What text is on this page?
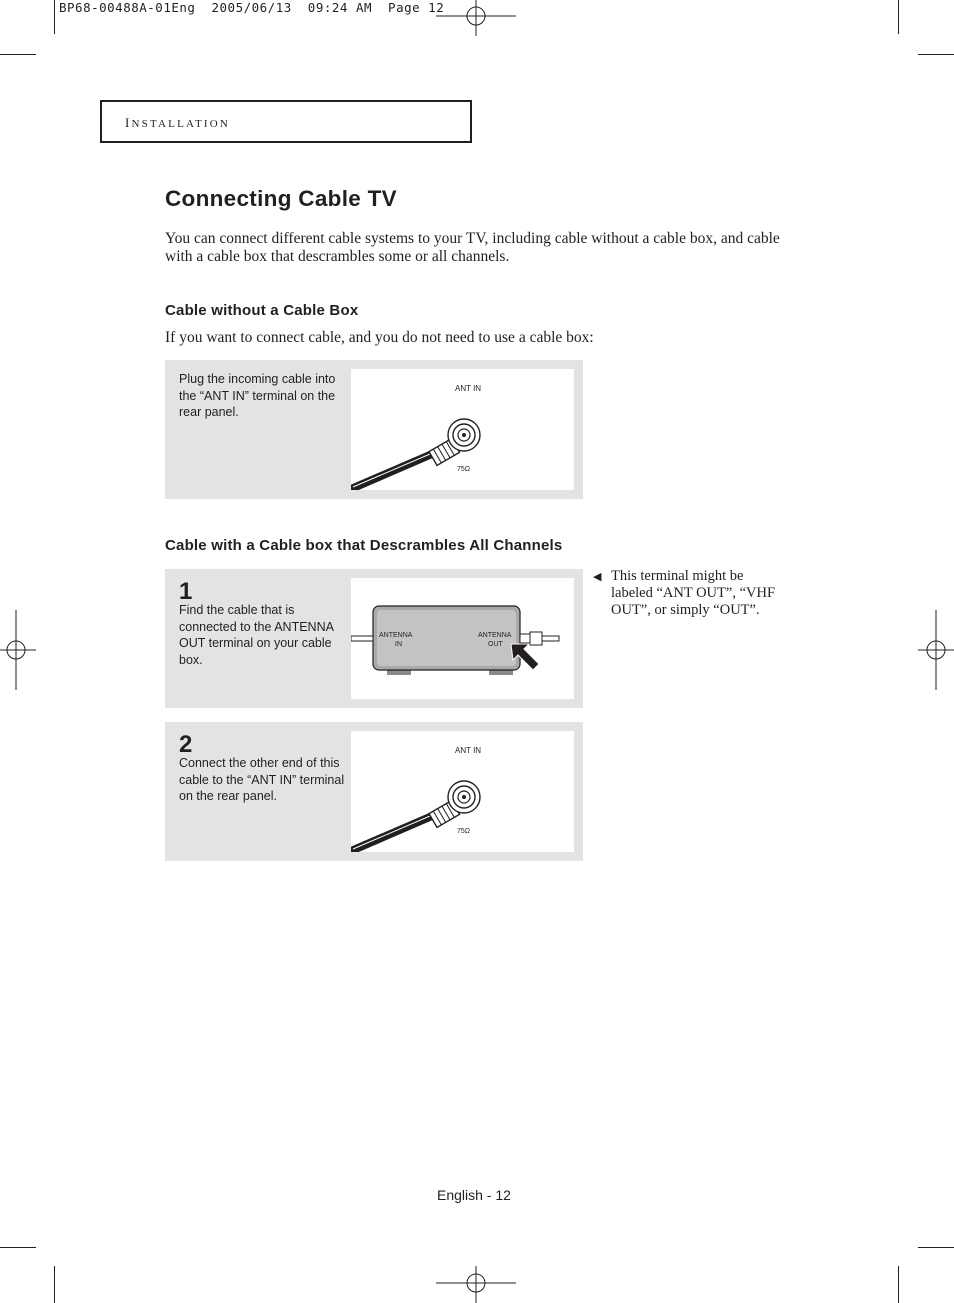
BP68-00488A-01Eng  2005/06/13  09:24 AM  Page 12
installation
Connecting Cable TV
You can connect different cable systems to your TV, including cable without a cable box, and cable with a cable box that descrambles some or all channels.
Cable without a Cable Box
If you want to connect cable, and you do not need to use a cable box:
Plug the incoming cable into the “ANT IN” terminal on the rear panel.
ANT IN
75Ω
Cable with a Cable box that Descrambles All Channels
1
Find the cable that is connected to the ANTENNA OUT terminal on your cable box.
ANTENNA
IN
ANTENNA
OUT
◀ This terminal might be labeled “ANT OUT”, “VHF OUT”, or simply “OUT”.
2
Connect the other end of this cable to the “ANT IN” terminal on the rear panel.
ANT IN
75Ω
English - 12
